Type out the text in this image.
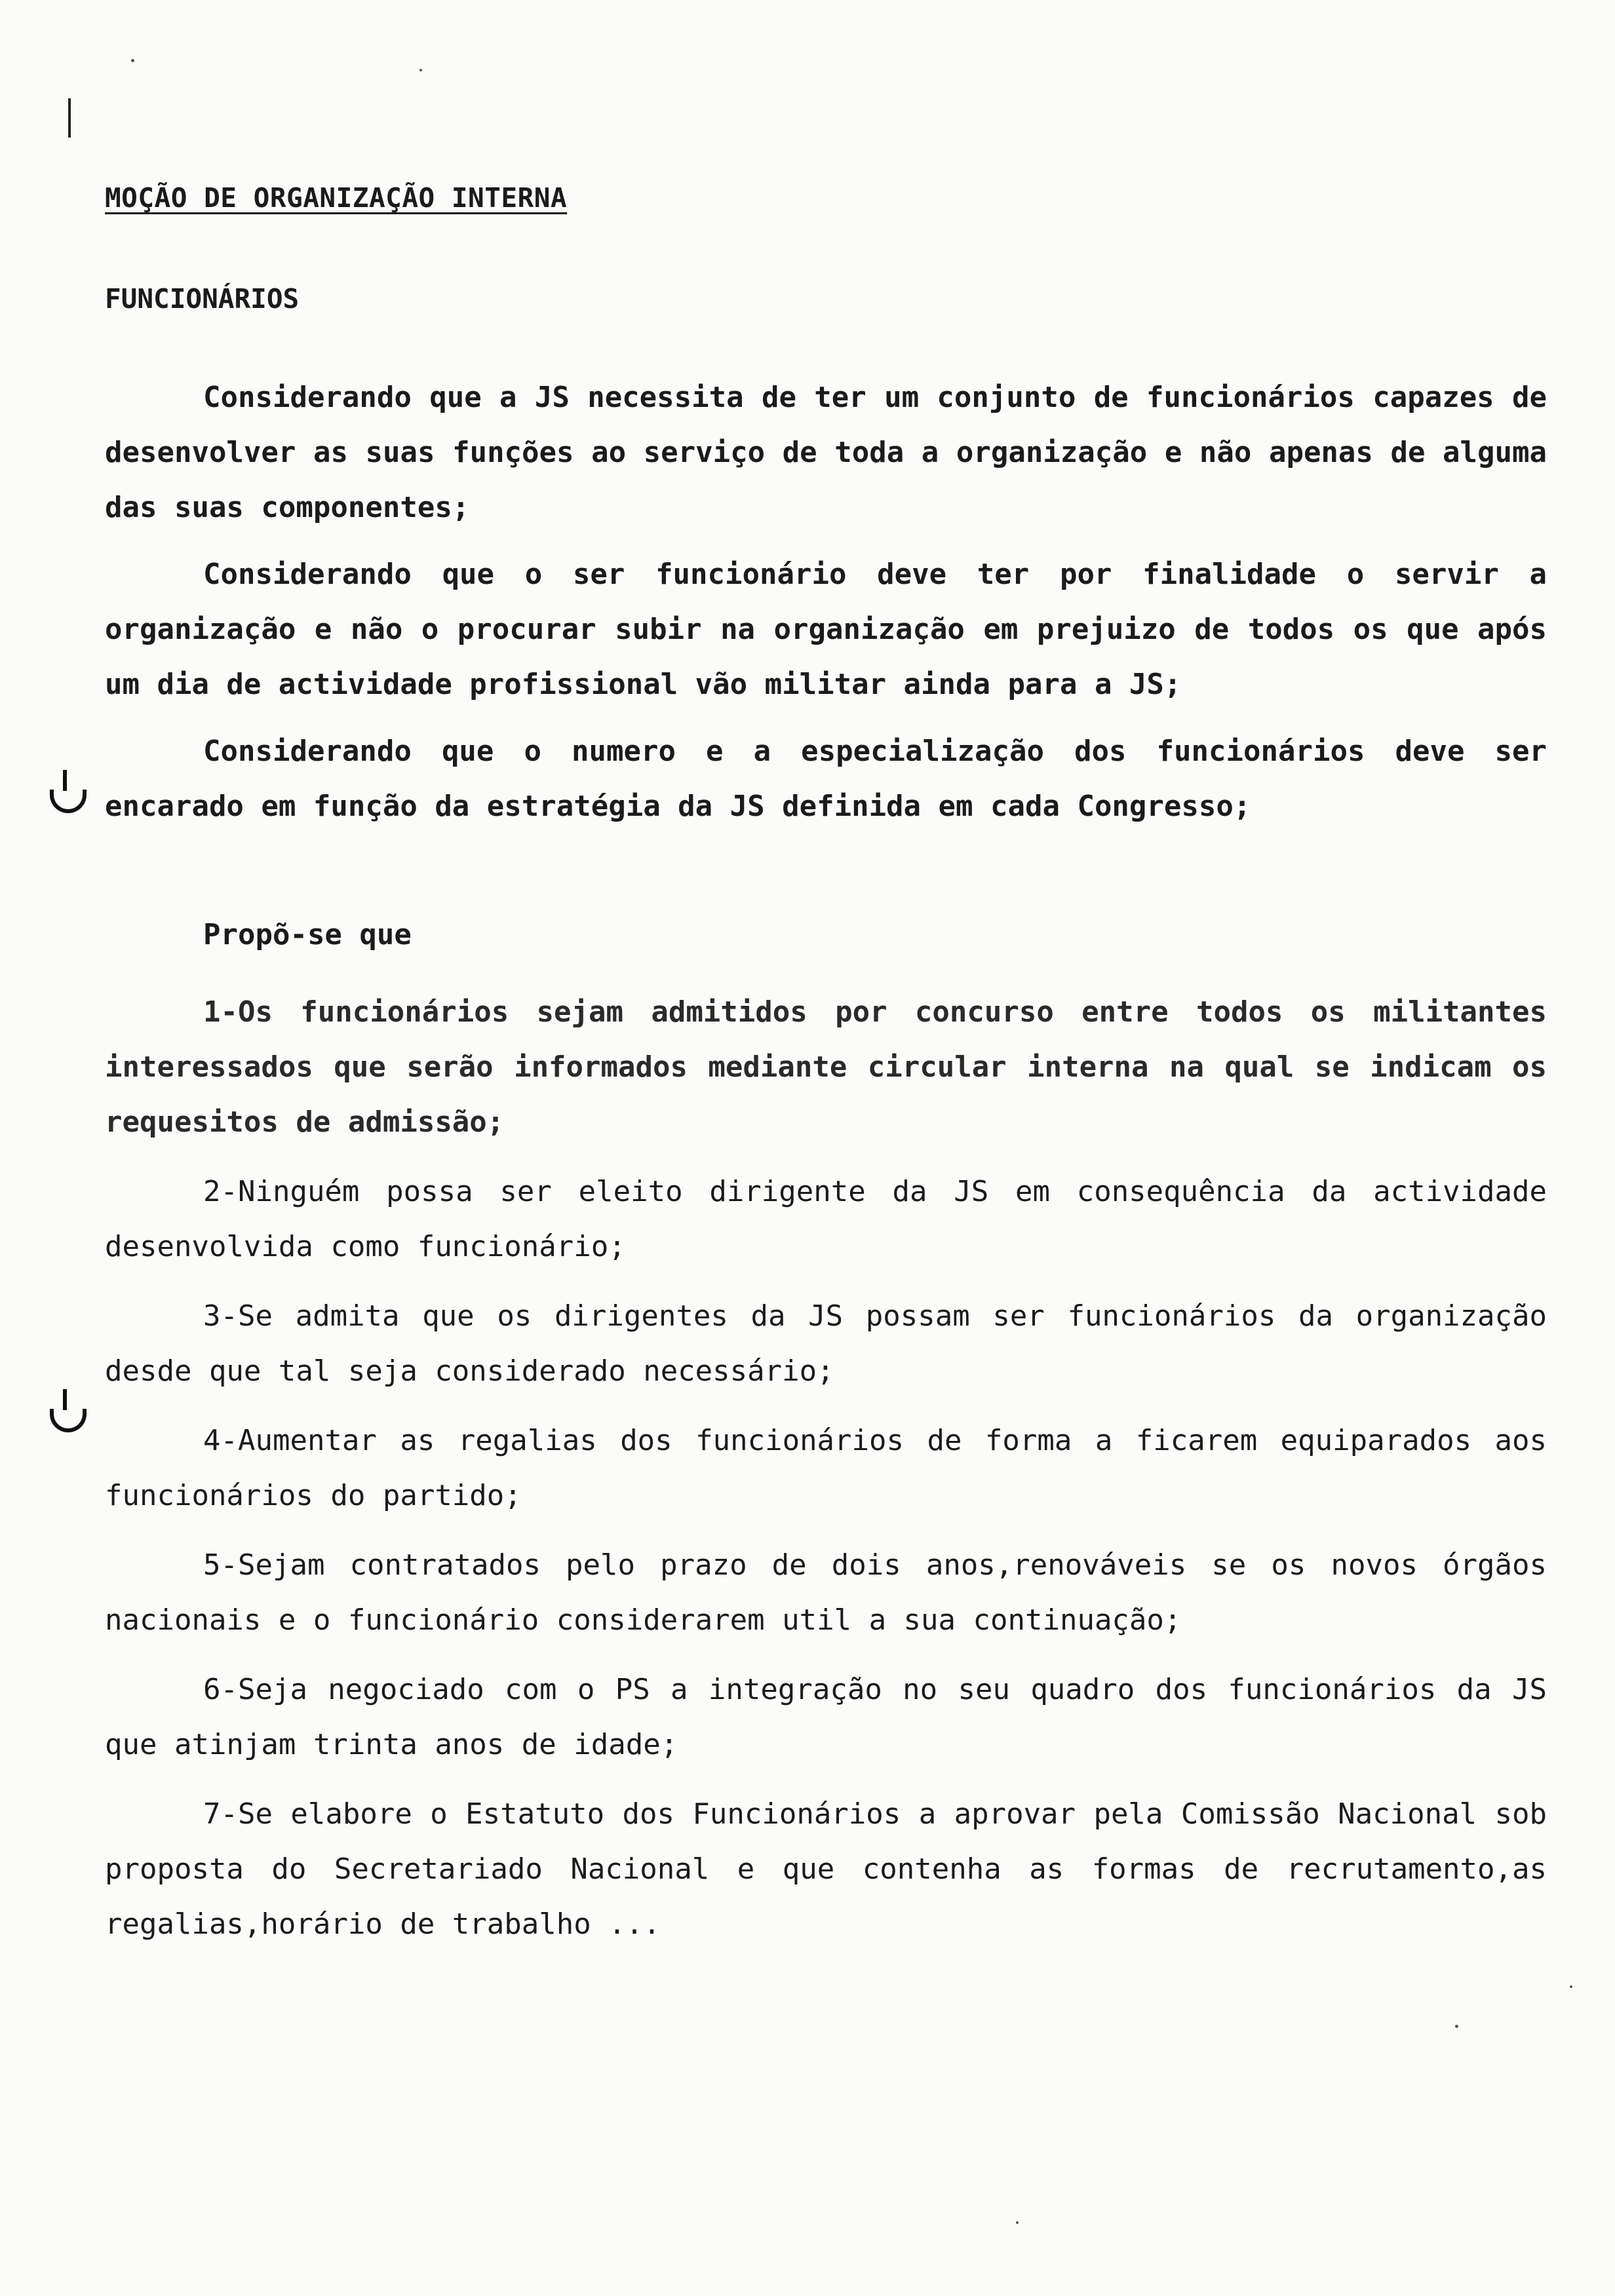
MOÇÃO DE ORGANIZAÇÃO INTERNA
FUNCIONÁRIOS

Considerando que a JS necessita de ter um conjunto de funcionários capazes de desenvolver as suas funções ao serviço de toda a organização e não apenas de alguma das suas componentes;

Considerando que o ser funcionário deve ter por finalidade o servir a organização e não o procurar subir na organização em prejuizo de todos os que após um dia de actividade profissional vão militar ainda para a JS;

Considerando que o numero e a especialização dos funcionários deve ser encarado em função da estratégia da JS definida em cada Congresso;

Propõ-se que

1-Os funcionários sejam admitidos por concurso entre todos os militantes interessados que serão informados mediante circular interna na qual se indicam os requesitos de admissão;

2-Ninguém possa ser eleito dirigente da JS em consequência da actividade desenvolvida como funcionário;

3-Se admita que os dirigentes da JS possam ser funcionários da organização desde que tal seja considerado necessário;

4-Aumentar as regalias dos funcionários de forma a ficarem equiparados aos funcionários do partido;

5-Sejam contratados pelo prazo de dois anos,renováveis se os novos órgãos nacionais e o funcionário considerarem util a sua continuação;

6-Seja negociado com o PS a integração no seu quadro dos funcionários da JS que atinjam trinta anos de idade;

7-Se elabore o Estatuto dos Funcionários a aprovar pela Comissão Nacional sob proposta do Secretariado Nacional e que contenha as formas de recrutamento,as regalias,horário de trabalho ...
